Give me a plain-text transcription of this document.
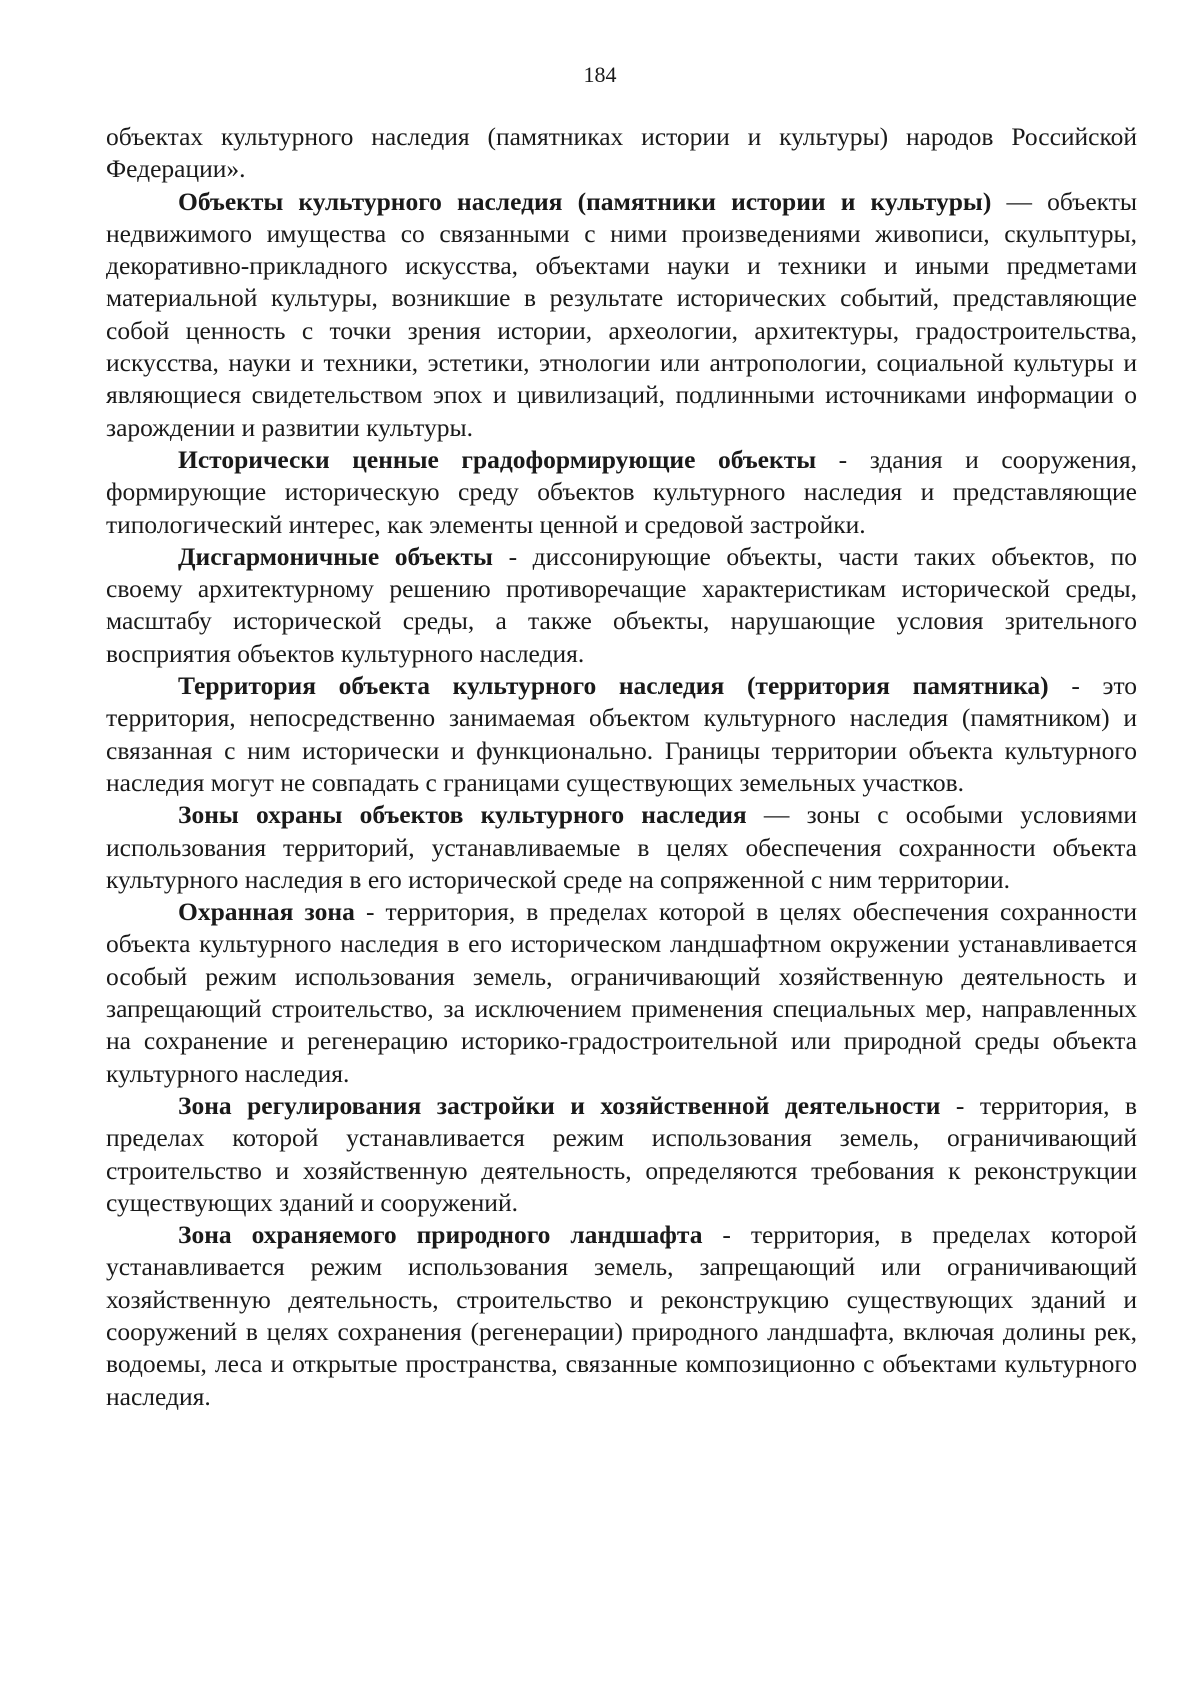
184

объектах культурного наследия (памятниках истории и культуры) народов Российской Федерации».

Объекты культурного наследия (памятники истории и культуры) — объекты недвижимого имущества со связанными с ними произведениями живописи, скульптуры, декоративно-прикладного искусства, объектами науки и техники и иными предметами материальной культуры, возникшие в результате исторических событий, представляющие собой ценность с точки зрения истории, археологии, архитектуры, градостроительства, искусства, науки и техники, эстетики, этнологии или антропологии, социальной культуры и являющиеся свидетельством эпох и цивилизаций, подлинными источниками информации о зарождении и развитии культуры.

Исторически ценные градоформирующие объекты - здания и сооружения, формирующие историческую среду объектов культурного наследия и представляющие типологический интерес, как элементы ценной и средовой застройки.

Дисгармоничные объекты - диссонирующие объекты, части таких объектов, по своему архитектурному решению противоречащие характеристикам исторической среды, масштабу исторической среды, а также объекты, нарушающие условия зрительного восприятия объектов культурного наследия.

Территория объекта культурного наследия (территория памятника) - это территория, непосредственно занимаемая объектом культурного наследия (памятником) и связанная с ним исторически и функционально. Границы территории объекта культурного наследия могут не совпадать с границами существующих земельных участков.

Зоны охраны объектов культурного наследия — зоны с особыми условиями использования территорий, устанавливаемые в целях обеспечения сохранности объекта культурного наследия в его исторической среде на сопряженной с ним территории.

Охранная зона - территория, в пределах которой в целях обеспечения сохранности объекта культурного наследия в его историческом ландшафтном окружении устанавливается особый режим использования земель, ограничивающий хозяйственную деятельность и запрещающий строительство, за исключением применения специальных мер, направленных на сохранение и регенерацию историко-градостроительной или природной среды объекта культурного наследия.

Зона регулирования застройки и хозяйственной деятельности - территория, в пределах которой устанавливается режим использования земель, ограничивающий строительство и хозяйственную деятельность, определяются требования к реконструкции существующих зданий и сооружений.

Зона охраняемого природного ландшафта - территория, в пределах которой устанавливается режим использования земель, запрещающий или ограничивающий хозяйственную деятельность, строительство и реконструкцию существующих зданий и сооружений в целях сохранения (регенерации) природного ландшафта, включая долины рек, водоемы, леса и открытые пространства, связанные композиционно с объектами культурного наследия.
